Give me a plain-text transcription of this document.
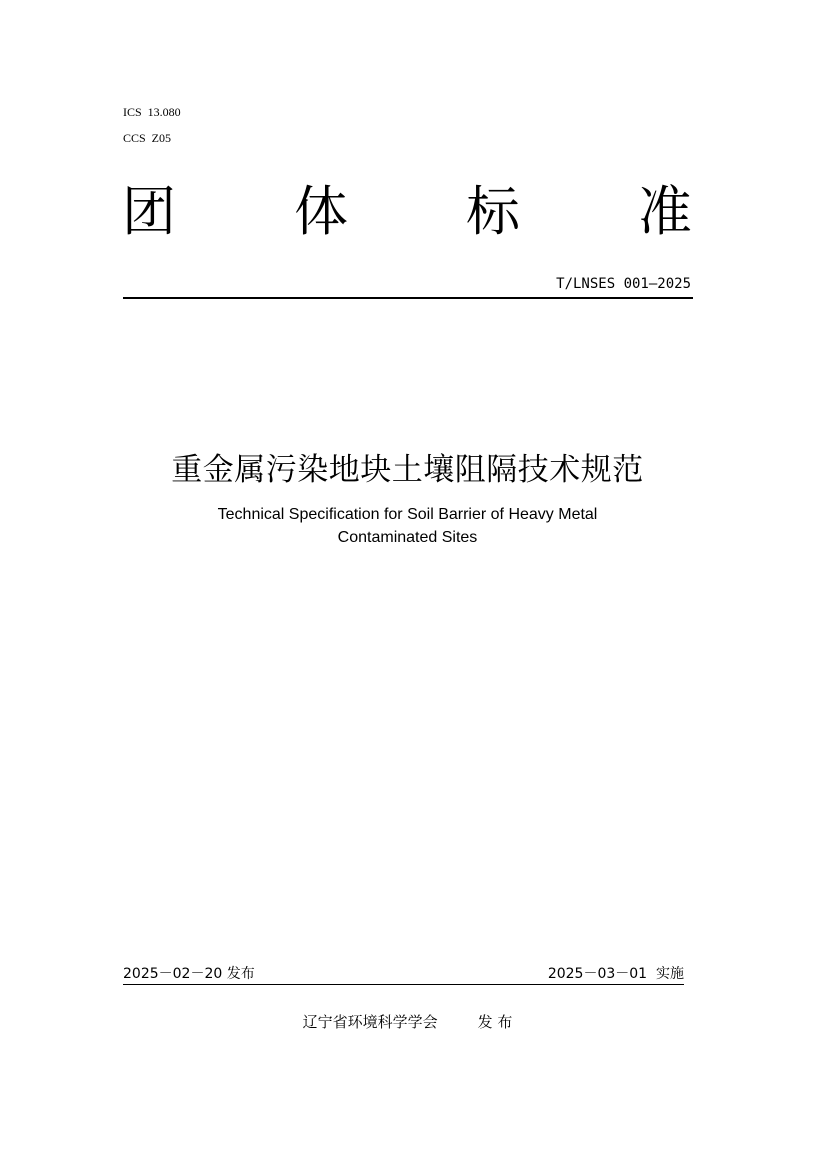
ICS  13.080
CCS  Z05
团 体 标 准
T/LNSES 001—2025
重金属污染地块土壤阻隔技术规范
Technical Specification for Soil Barrier of Heavy Metal
Contaminated Sites
2025－02－20 发布	2025－03－01  实施
辽宁省环境科学学会	发 布
